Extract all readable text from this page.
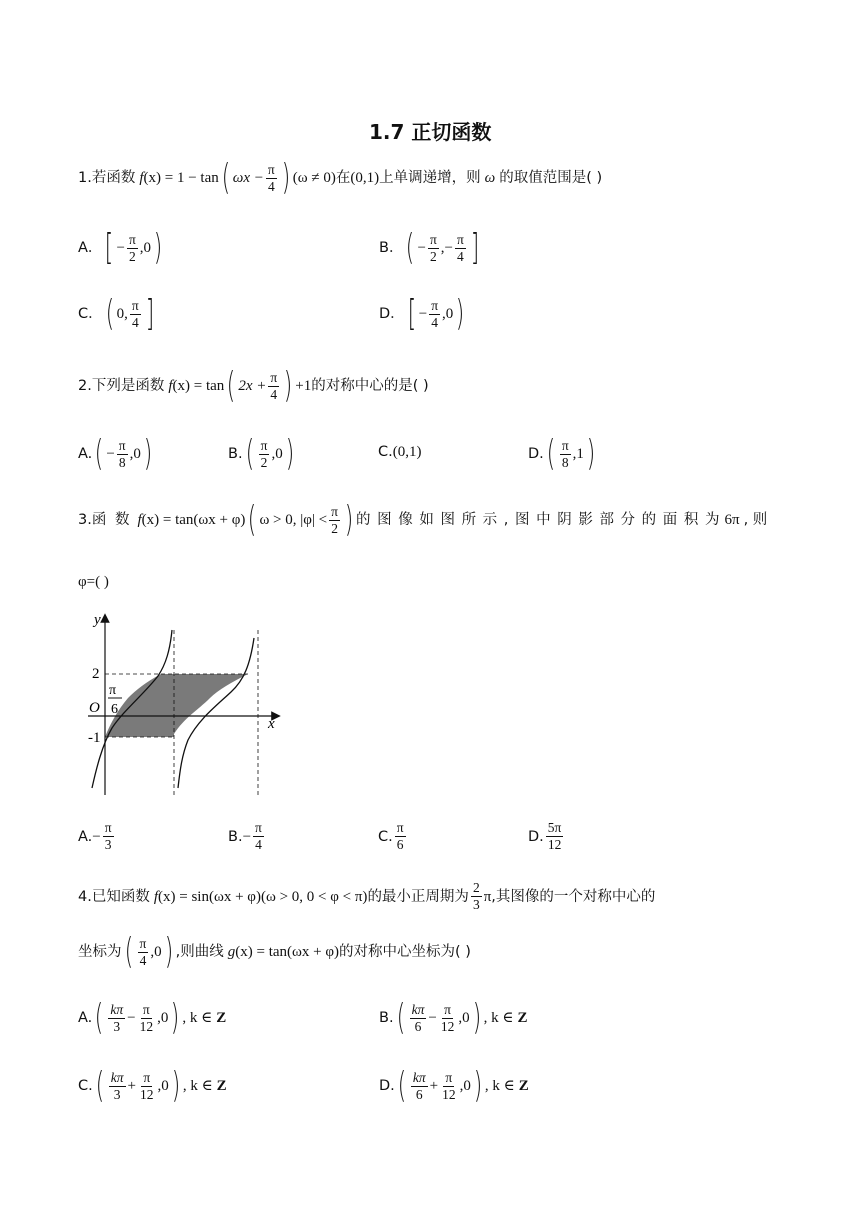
1.7 正切函数
1. 若函数 f (x) = 1 − tan ( $\omega x - \frac{\pi}{4}$ ) (ω ≠ 0) 在 (0,1) 上单调递增，则 ω 的取值范围是( )
A． [ − $\frac{\pi}{2} ,0$ )	B． ( − $\frac{\pi}{2}$ ,− $\frac{\pi}{4}$ ]
C． ( 0, $\frac{\pi}{4}$ ]	D． [ − $\frac{\pi}{4} ,0$ )
2. 下列是函数 f (x) = tan ( $2x + \frac{\pi}{4}$ ) +1 的对称中心的是( )
A. ( − $\frac{\pi}{8} ,0$ )	B. ( $\frac{\pi}{2} ,0$ )	C. (0,1)	D. ( $\frac{\pi}{8} ,1$ )
3. 函 数 f (x) = tan(ωx + φ) ( ω > 0, $|\varphi| < \frac{\pi}{2}$ ) 的 图 像 如 图 所 示 , 图 中 阴 影 部 分 的 面 积 为 6π , 则
φ=( )
y
x
O
2
-1
π
6
A. − $\frac{\pi}{3}$	B. − $\frac{\pi}{4}$	C. $\frac{\pi}{6}$	D. $\frac{5\pi}{12}$
4. 已知函数 f (x) = sin(ωx + φ)(ω > 0, 0 < φ < π) 的最小正周期为 $\frac{2}{3}$ π ,其图像的一个对称中心的
坐标为 ( $\frac{\pi}{4} ,0$ ) ,则曲线 g (x) = tan(ωx + φ) 的对称中心坐标为( )
A. ( $\frac{k\pi}{3} - \frac{\pi}{12} ,0$ ) , k ∈ Z	B. ( $\frac{k\pi}{6} - \frac{\pi}{12} ,0$ ) , k ∈ Z
C. ( $\frac{k\pi}{3} + \frac{\pi}{12} ,0$ ) , k ∈ Z	D. ( $\frac{k\pi}{6} + \frac{\pi}{12} ,0$ ) , k ∈ Z
